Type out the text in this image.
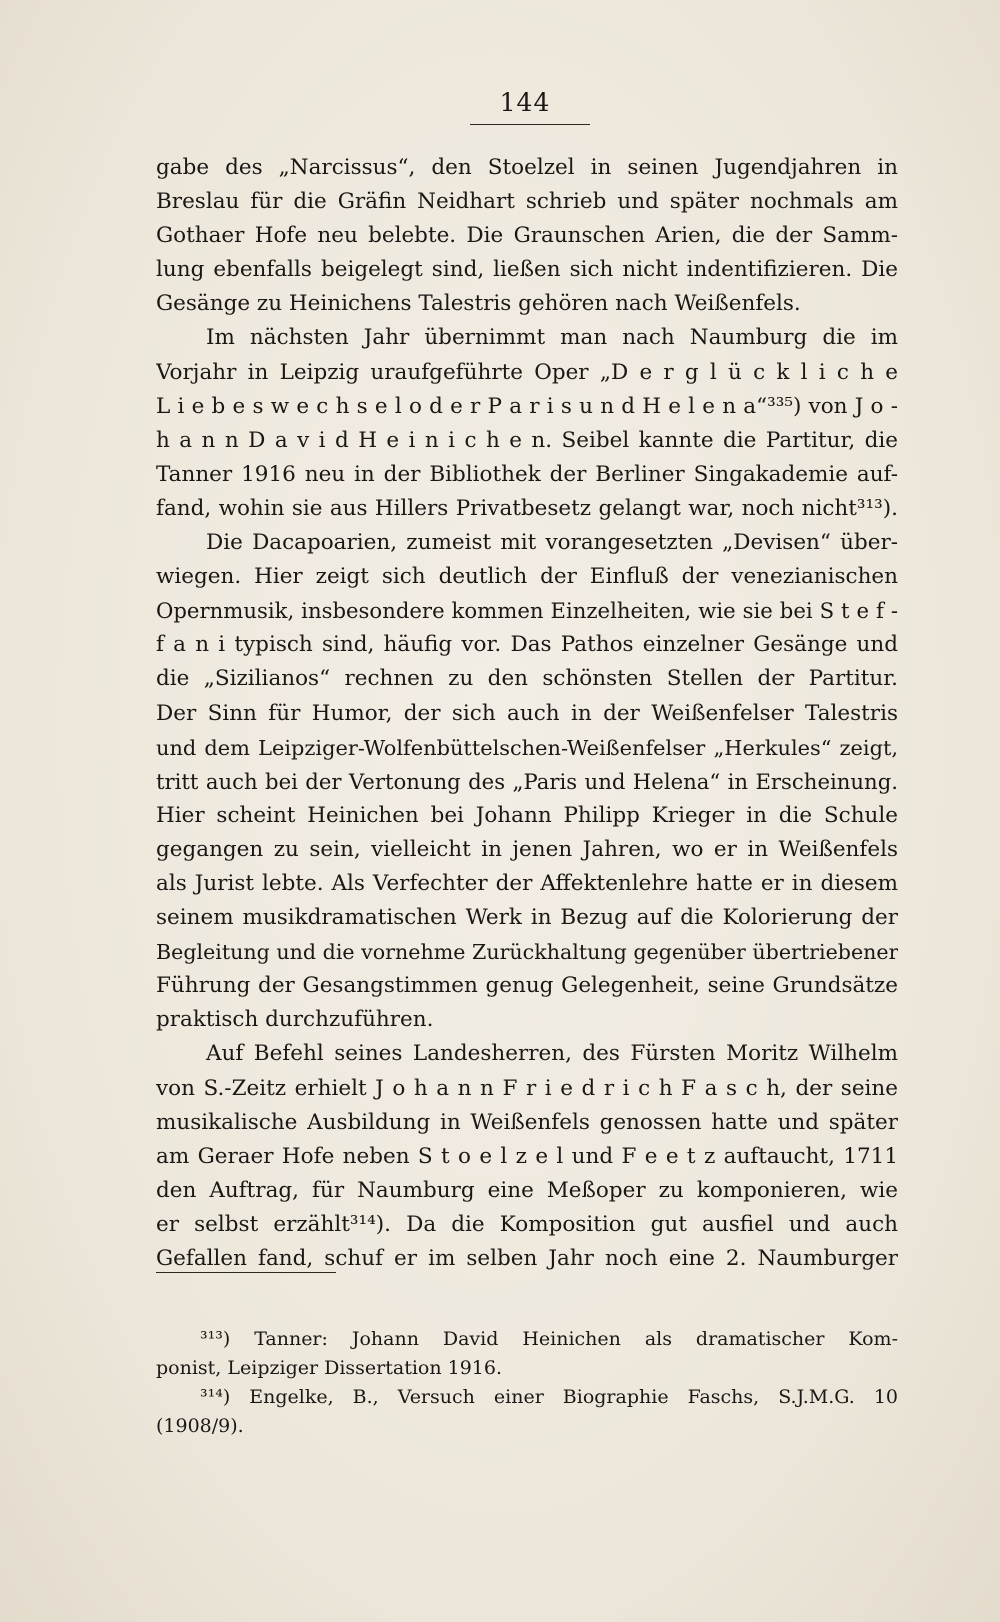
144
gabe des „Narcissus“, den Stoelzel in seinen Jugendjahren in
Breslau für die Gräfin Neidhart schrieb und später nochmals am
Gothaer Hofe neu belebte. Die Graunschen Arien, die der Samm-
lung ebenfalls beigelegt sind, ließen sich nicht indentifizieren. Die
Gesänge zu Heinichens Talestris gehören nach Weißenfels.
Im nächsten Jahr übernimmt man nach Naumburg die im
Vorjahr in Leipzig uraufgeführte Oper „D e r g l ü c k l i c h e
L i e b e s w e c h s e l o d e r P a r i s u n d H e l e n a“³³⁵) von J o -
h a n n D a v i d H e i n i c h e n. Seibel kannte die Partitur, die
Tanner 1916 neu in der Bibliothek der Berliner Singakademie auf-
fand, wohin sie aus Hillers Privatbesetz gelangt war, noch nicht³¹³).
Die Dacapoarien, zumeist mit vorangesetzten „Devisen“ über-
wiegen. Hier zeigt sich deutlich der Einfluß der venezianischen
Opernmusik, insbesondere kommen Einzelheiten, wie sie bei S t e f -
f a n i typisch sind, häufig vor. Das Pathos einzelner Gesänge und
die „Sizilianos“ rechnen zu den schönsten Stellen der Partitur.
Der Sinn für Humor, der sich auch in der Weißenfelser Talestris
und dem Leipziger-Wolfenbüttelschen-Weißenfelser „Herkules“ zeigt,
tritt auch bei der Vertonung des „Paris und Helena“ in Erscheinung.
Hier scheint Heinichen bei Johann Philipp Krieger in die Schule
gegangen zu sein, vielleicht in jenen Jahren, wo er in Weißenfels
als Jurist lebte. Als Verfechter der Affektenlehre hatte er in diesem
seinem musikdramatischen Werk in Bezug auf die Kolorierung der
Begleitung und die vornehme Zurückhaltung gegenüber übertriebener
Führung der Gesangstimmen genug Gelegenheit, seine Grundsätze
praktisch durchzuführen.
Auf Befehl seines Landesherren, des Fürsten Moritz Wilhelm
von S.-Zeitz erhielt J o h a n n F r i e d r i c h F a s c h, der seine
musikalische Ausbildung in Weißenfels genossen hatte und später
am Geraer Hofe neben S t o e l z e l und F e e t z auftaucht, 1711
den Auftrag, für Naumburg eine Meßoper zu komponieren, wie
er selbst erzählt³¹⁴). Da die Komposition gut ausfiel und auch
Gefallen fand, schuf er im selben Jahr noch eine 2. Naumburger
³¹³) Tanner: Johann David Heinichen als dramatischer Kom-
ponist, Leipziger Dissertation 1916.
³¹⁴) Engelke, B., Versuch einer Biographie Faschs, S.J.M.G. 10
(1908/9).
